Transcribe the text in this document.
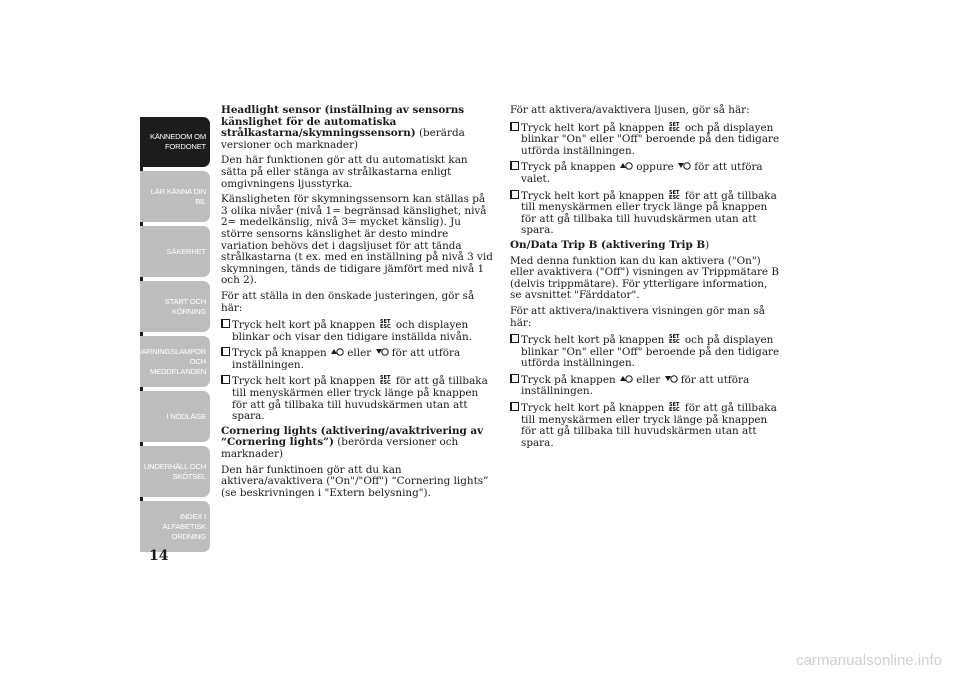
KÄNNEDOM OM
FORDONET
LÄR KÄNNA DIN
BIL
SÄKERHET
START OCH
KÖRNING
VARNINGSLAMPOR
OCH
MEDDELANDEN
I NÖDLÄGE
UNDERHÅLL OCH
SKÖTSEL
INDEX I
ALFABETISK
ORDNING
14

Headlight sensor (inställning av sensorns känslighet för de automatiska strålkastarna/skymningssensorn) (berärda versioner och marknader)

Den här funktionen gör att du automatiskt kan sätta på eller stänga av strålkastarna enligt omgivningens ljusstyrka.

Känsligheten för skymningssensorn kan ställas på 3 olika nivåer (nivå 1= begränsad känslighet, nivå 2= medelkänslig, nivå 3= mycket känslig). Ju större sensorns känslighet är desto mindre variation behövs det i dagsljuset för att tända strålkastarna (t ex. med en inställning på nivå 3 vid skymningen, tänds de tidigare jämfört med nivå 1 och 2).

För att ställa in den önskade justeringen, gör så här:

Tryck helt kort på knappen SET
ESC och displayen blinkar och visar den tidigare inställda nivån.
Tryck på knappen  eller  för att utföra inställningen.
Tryck helt kort på knappen SET
ESC för att gå tillbaka till menyskärmen eller tryck länge på knappen för att gå tillbaka till huvudskärmen utan att spara.

Cornering lights (aktivering/avaktrivering av “Cornering lights”) (berörda versioner och marknader)

Den här funktinoen gör att du kan aktivera/avaktivera ("On"/"Off") “Cornering lights” (se beskrivningen i "Extern belysning").

För att aktivera/avaktivera ljusen, gör så här:

Tryck helt kort på knappen SET
ESC och på displayen blinkar "On" eller "Off" beroende på den tidigare utförda inställningen.
Tryck på knappen  oppure  för att utföra valet.
Tryck helt kort på knappen SET
ESC för att gå tillbaka till menyskärmen eller tryck länge på knappen för att gå tillbaka till huvudskärmen utan att spara.

On/Data Trip B (aktivering Trip B)

Med denna funktion kan du kan aktivera ("On") eller avaktivera ("Off") visningen av Trippmätare B (delvis trippmätare). För ytterligare information, se avsnittet "Färddator".

För att aktivera/inaktivera visningen gör man så här:

Tryck helt kort på knappen SET
ESC och på displayen blinkar "On" eller "Off" beroende på den tidigare utförda inställningen.
Tryck på knappen  eller  för att utföra inställningen.
Tryck helt kort på knappen SET
ESC för att gå tillbaka till menyskärmen eller tryck länge på knappen för att gå tillbaka till huvudskärmen utan att spara.
carmanualsonline.info
